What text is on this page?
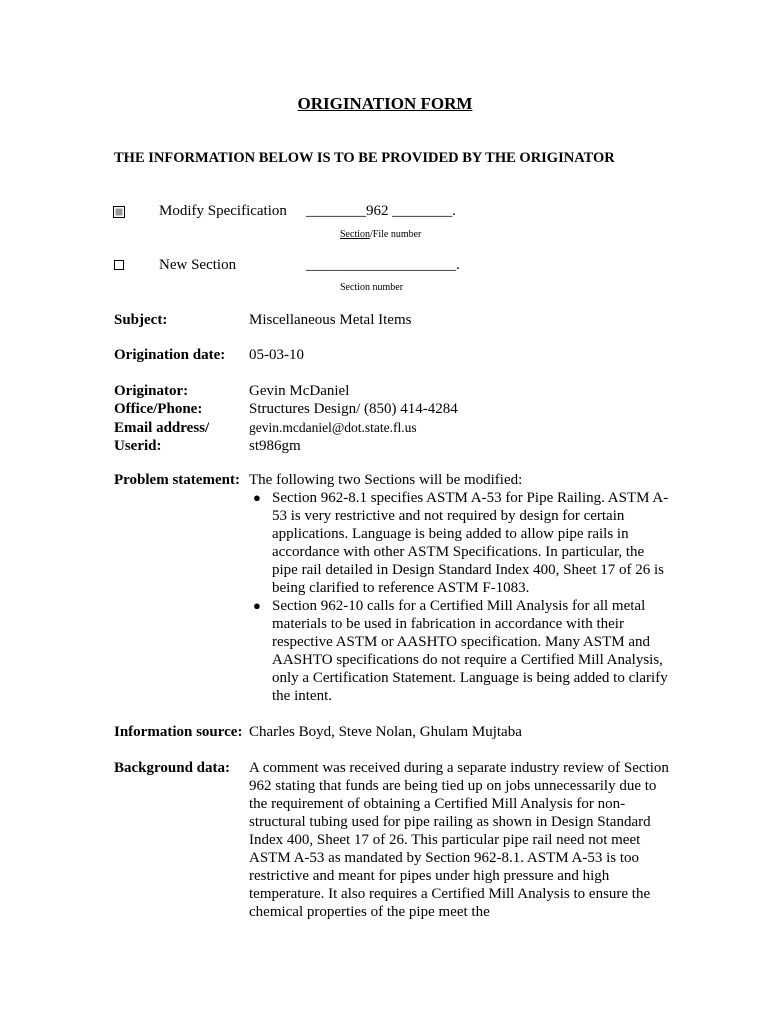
ORIGINATION FORM
THE INFORMATION BELOW IS TO BE PROVIDED BY THE ORIGINATOR
Modify Specification ________962 ________.
Section/File number
New Section	____________________.
Section number
Subject:	Miscellaneous Metal Items
Origination date: 05-03-10
Originator:
Office/Phone:
Email address/
Userid:
Gevin McDaniel
Structures Design/ (850) 414-4284
gevin.mcdaniel@dot.state.fl.us
st986gm
Problem statement: The following two Sections will be modified:

● Section 962-8.1 specifies ASTM A-53 for Pipe Railing. ASTM A-53 is very restrictive and not required by design for certain applications. Language is being added to allow pipe rails in accordance with other ASTM Specifications. In particular, the pipe rail detailed in Design Standard Index 400, Sheet 17 of 26 is being clarified to reference ASTM F-1083.
● Section 962-10 calls for a Certified Mill Analysis for all metal materials to be used in fabrication in accordance with their respective ASTM or AASHTO specification. Many ASTM and AASHTO specifications do not require a Certified Mill Analysis, only a Certification Statement. Language is being added to clarify the intent.
Information source: Charles Boyd, Steve Nolan, Ghulam Mujtaba
Background data: A comment was received during a separate industry review of Section 962 stating that funds are being tied up on jobs unnecessarily due to the requirement of obtaining a Certified Mill Analysis for non-structural tubing used for pipe railing as shown in Design Standard Index 400, Sheet 17 of 26. This particular pipe rail need not meet ASTM A-53 as mandated by Section 962-8.1. ASTM A-53 is too restrictive and meant for pipes under high pressure and high temperature. It also requires a Certified Mill Analysis to ensure the chemical properties of the pipe meet the
